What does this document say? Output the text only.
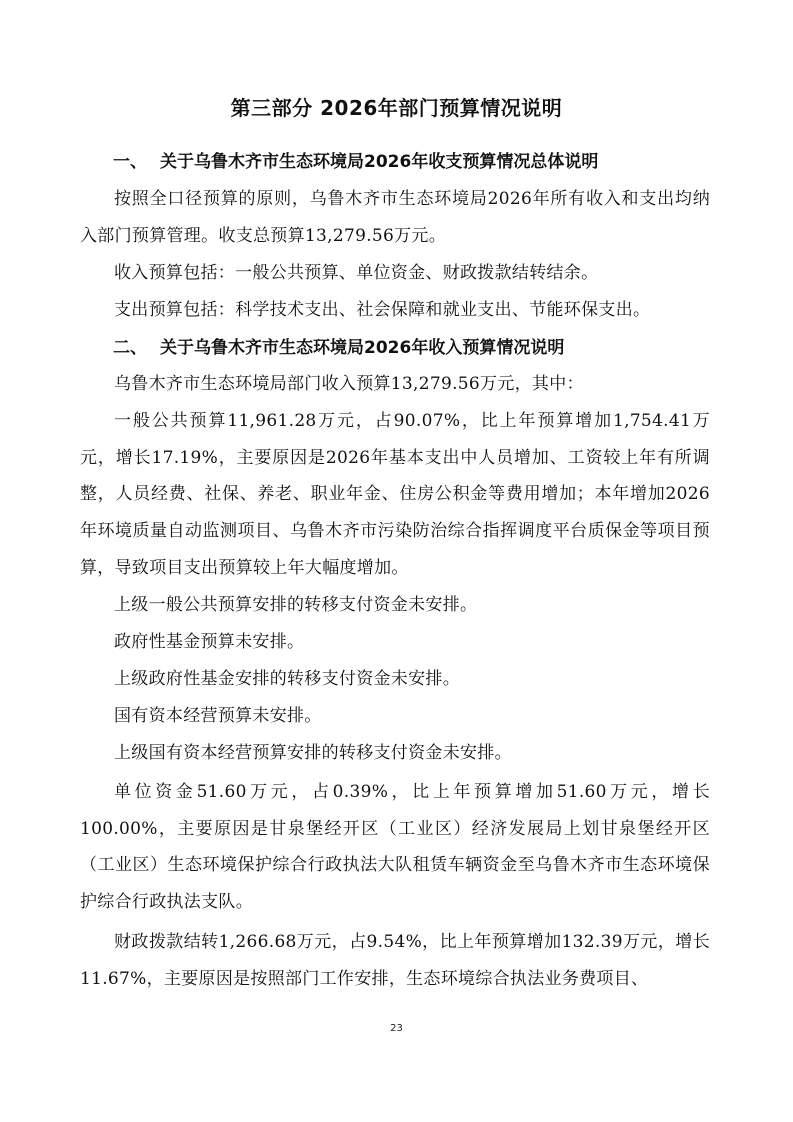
第三部分 2026年部门预算情况说明
一、 关于乌鲁木齐市生态环境局2026年收支预算情况总体说明
按照全口径预算的原则，乌鲁木齐市生态环境局2026年所有收入和支出均纳入部门预算管理。收支总预算13,279.56万元。
收入预算包括：一般公共预算、单位资金、财政拨款结转结余。
支出预算包括：科学技术支出、社会保障和就业支出、节能环保支出。
二、 关于乌鲁木齐市生态环境局2026年收入预算情况说明
乌鲁木齐市生态环境局部门收入预算13,279.56万元，其中：
一般公共预算11,961.28万元，占90.07%，比上年预算增加1,754.41万元，增长17.19%，主要原因是2026年基本支出中人员增加、工资较上年有所调整，人员经费、社保、养老、职业年金、住房公积金等费用增加；本年增加2026年环境质量自动监测项目、乌鲁木齐市污染防治综合指挥调度平台质保金等项目预算，导致项目支出预算较上年大幅度增加。
上级一般公共预算安排的转移支付资金未安排。
政府性基金预算未安排。
上级政府性基金安排的转移支付资金未安排。
国有资本经营预算未安排。
上级国有资本经营预算安排的转移支付资金未安排。
单位资金51.60万元，占0.39%，比上年预算增加51.60万元，增长100.00%，主要原因是甘泉堡经开区（工业区）经济发展局上划甘泉堡经开区（工业区）生态环境保护综合行政执法大队租赁车辆资金至乌鲁木齐市生态环境保护综合行政执法支队。
财政拨款结转1,266.68万元，占9.54%，比上年预算增加132.39万元，增长11.67%，主要原因是按照部门工作安排，生态环境综合执法业务费项目、
23
